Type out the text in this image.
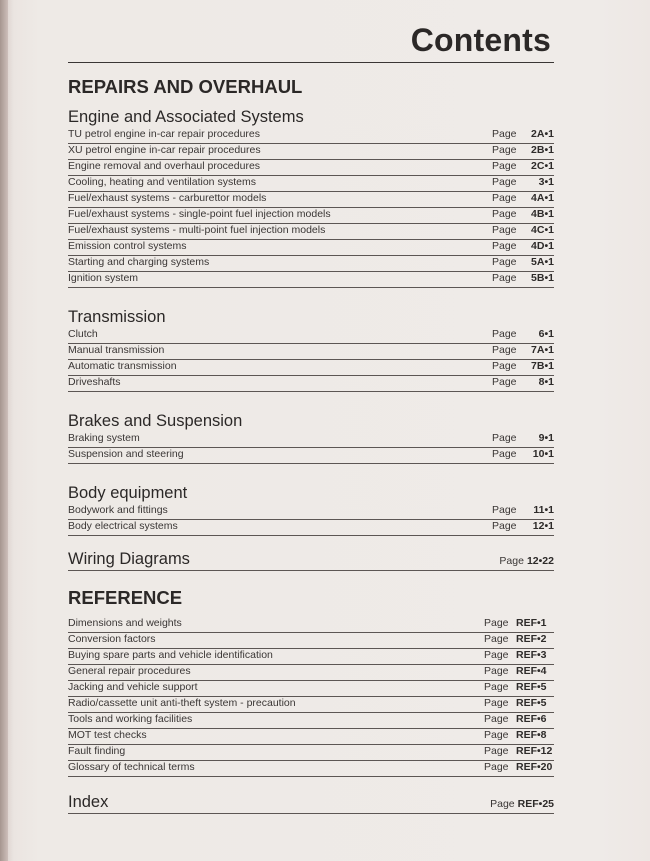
Contents
REPAIRS AND OVERHAUL
Engine and Associated Systems
TU petrol engine in-car repair procedures	Page	2A•1
XU petrol engine in-car repair procedures	Page	2B•1
Engine removal and overhaul procedures	Page	2C•1
Cooling, heating and ventilation systems	Page	3•1
Fuel/exhaust systems - carburettor models	Page	4A•1
Fuel/exhaust systems - single-point fuel injection models	Page	4B•1
Fuel/exhaust systems - multi-point fuel injection models	Page	4C•1
Emission control systems	Page	4D•1
Starting and charging systems	Page	5A•1
Ignition system	Page	5B•1
Transmission
Clutch	Page	6•1
Manual transmission	Page	7A•1
Automatic transmission	Page	7B•1
Driveshafts	Page	8•1
Brakes and Suspension
Braking system	Page	9•1
Suspension and steering	Page	10•1
Body equipment
Bodywork and fittings	Page	11•1
Body electrical systems	Page	12•1
Wiring Diagrams	Page 12•22
REFERENCE
Dimensions and weights	Page REF•1
Conversion factors	Page REF•2
Buying spare parts and vehicle identification	Page REF•3
General repair procedures	Page REF•4
Jacking and vehicle support	Page REF•5
Radio/cassette unit anti-theft system - precaution	Page REF•5
Tools and working facilities	Page REF•6
MOT test checks	Page REF•8
Fault finding	Page REF•12
Glossary of technical terms	Page REF•20
Index	Page REF•25
